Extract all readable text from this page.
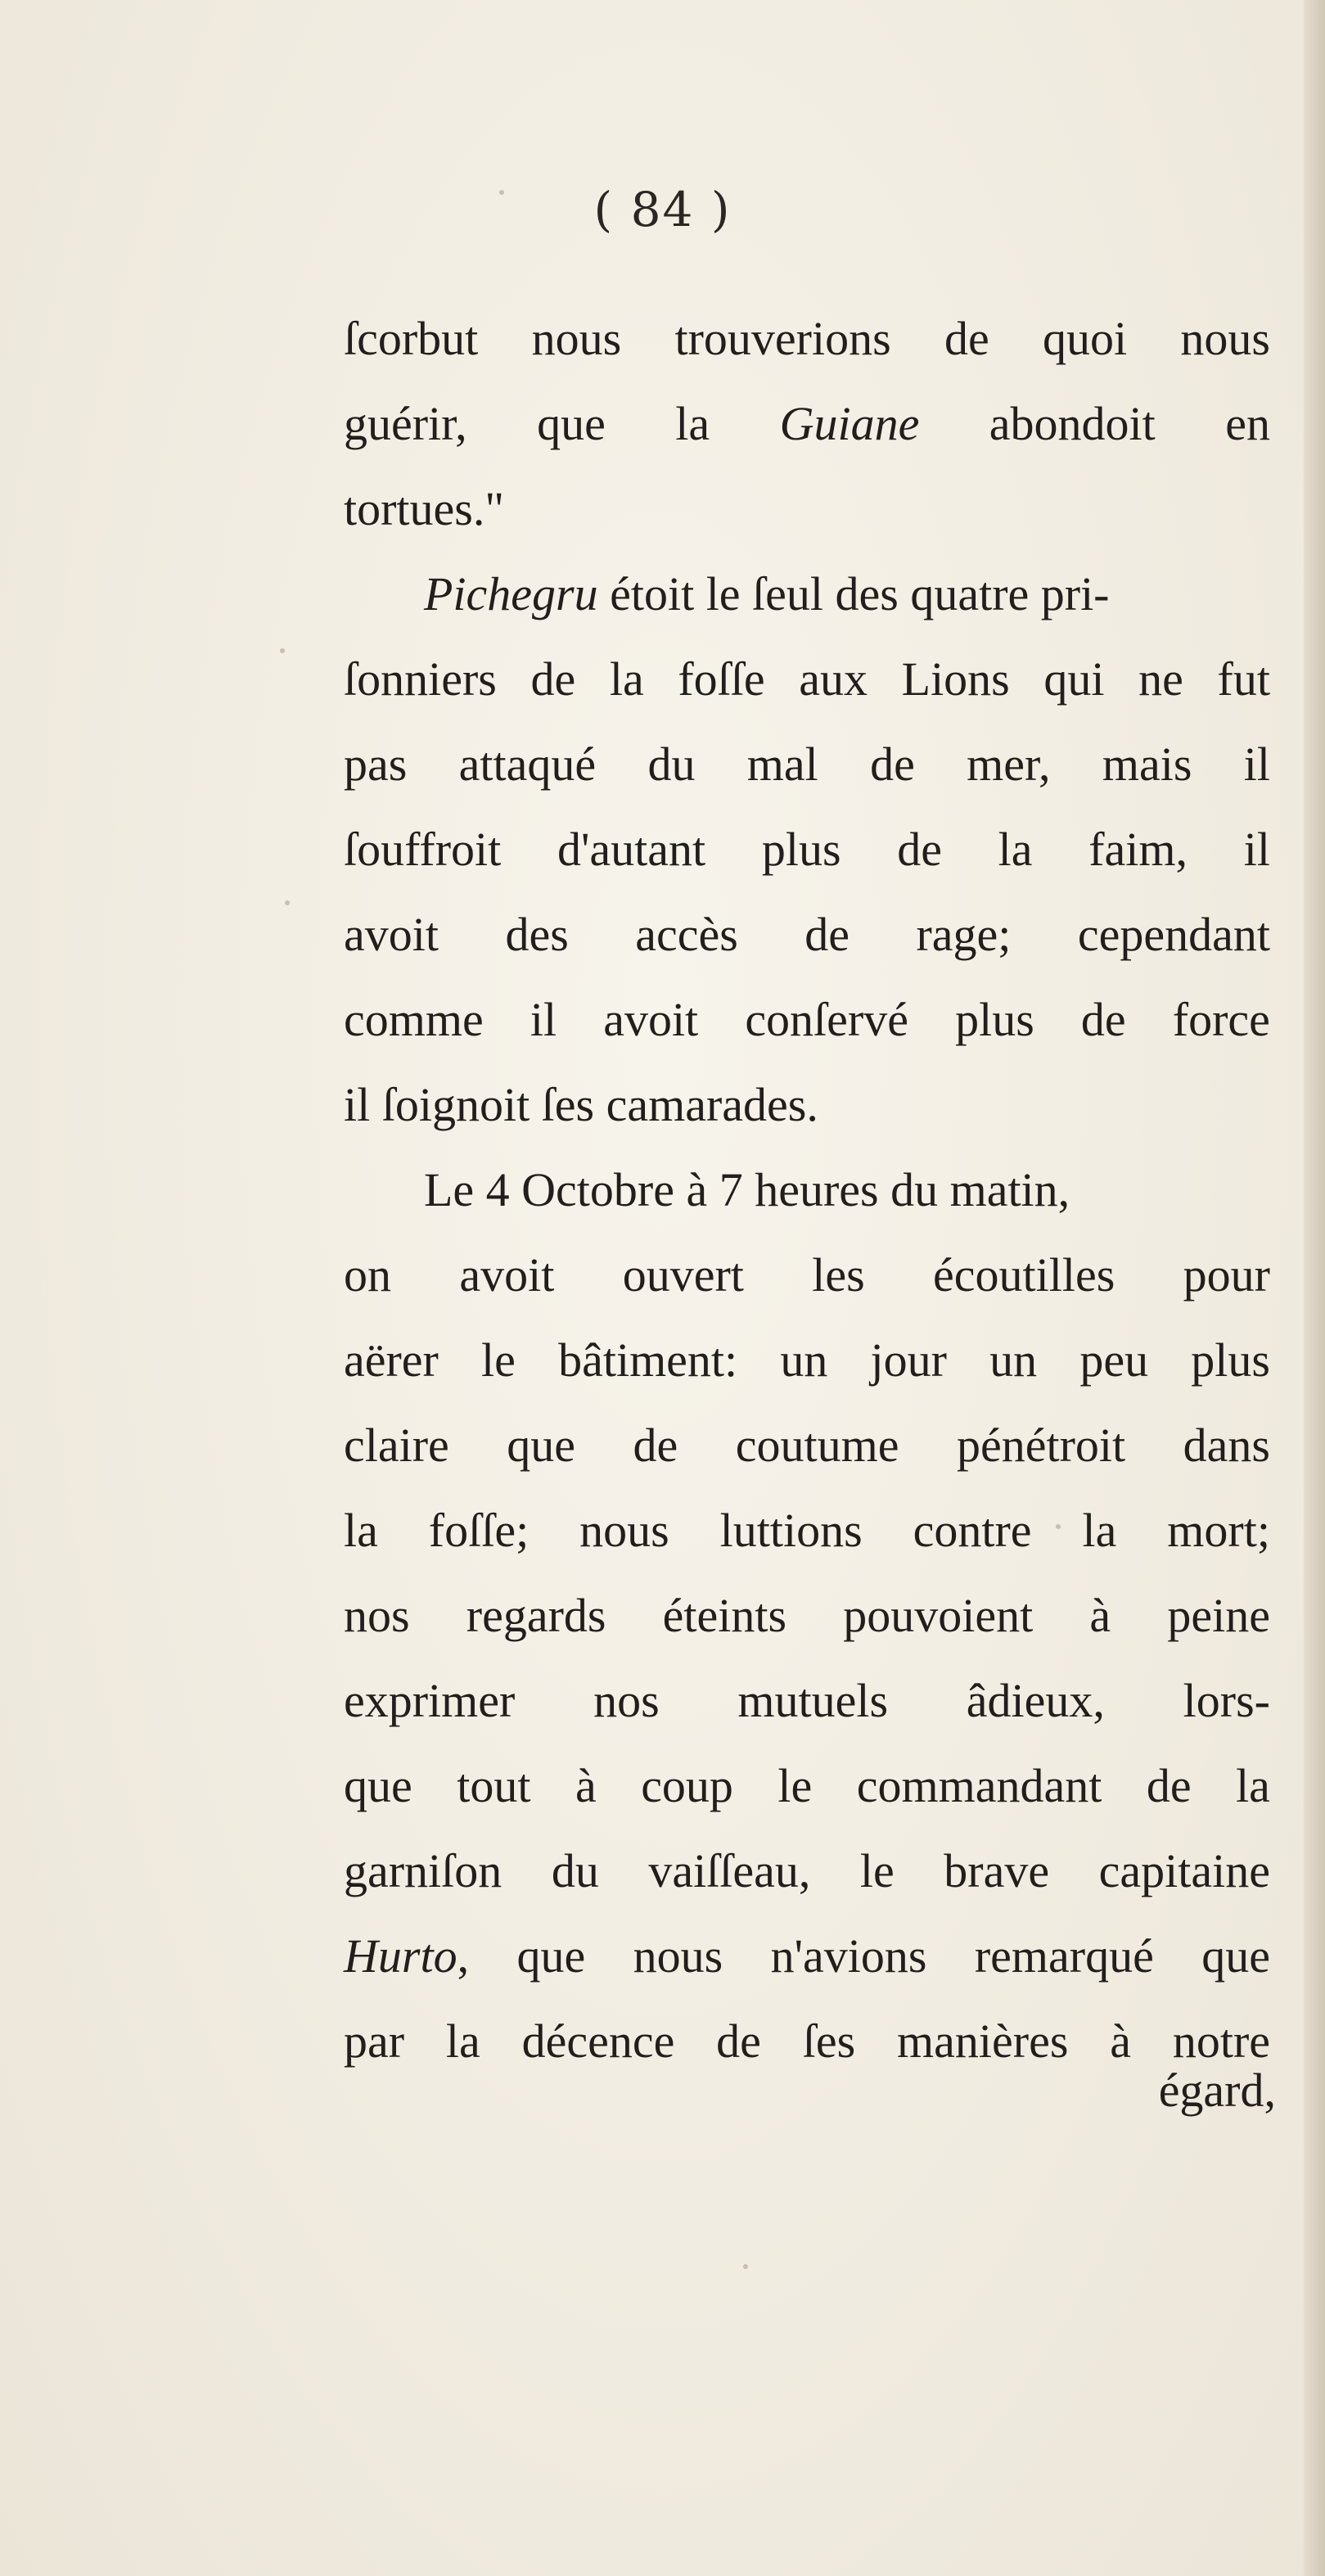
( 84 )
ſcorbut nous trouverions de quoi nous
guérir, que la Guiane abondoit en
tortues."
Pichegru étoit le ſeul des quatre pri-
ſonniers de la foſſe aux Lions qui ne fut
pas attaqué du mal de mer, mais il
ſouffroit d'autant plus de la faim, il
avoit des accès de rage; cependant
comme il avoit conſervé plus de force
il ſoignoit ſes camarades.
Le 4 Octobre à 7 heures du matin,
on avoit ouvert les écoutilles pour
aërer le bâtiment: un jour un peu plus
claire que de coutume pénétroit dans
la foſſe; nous luttions contre la mort;
nos regards éteints pouvoient à peine
exprimer nos mutuels âdieux, lors-
que tout à coup le commandant de la
garniſon du vaiſſeau, le brave capitaine
Hurto, que nous n'avions remarqué que
par la décence de ſes manières à notre
égard,
